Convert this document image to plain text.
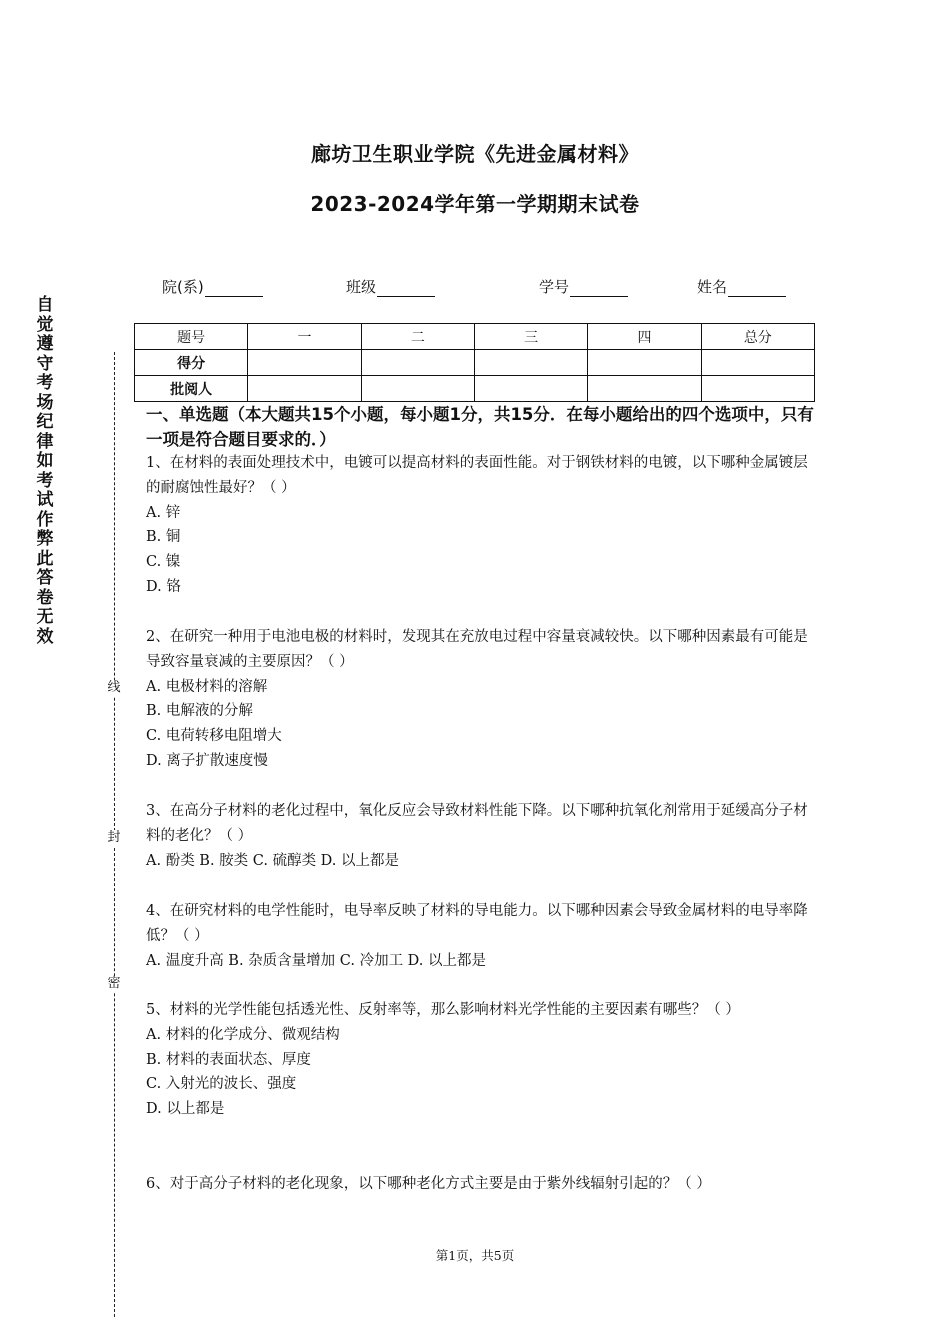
廊坊卫生职业学院《先进金属材料》
2023-2024学年第一学期期末试卷
院(系)	班级	学号	姓名
题号	一	二	三	四	总分
得分					
批阅人					
自觉遵守考场纪律如考试作弊此答卷无效
线
封
密
一、单选题（本大题共15个小题，每小题1分，共15分．在每小题给出的四个选项中，只有一项是符合题目要求的．）
1、在材料的表面处理技术中，电镀可以提高材料的表面性能。对于钢铁材料的电镀，以下哪种金属镀层的耐腐蚀性最好？（ ）
A. 锌
B. 铜
C. 镍
D. 铬
2、在研究一种用于电池电极的材料时，发现其在充放电过程中容量衰减较快。以下哪种因素最有可能是导致容量衰减的主要原因？（ ）
A. 电极材料的溶解
B. 电解液的分解
C. 电荷转移电阻增大
D. 离子扩散速度慢
3、在高分子材料的老化过程中，氧化反应会导致材料性能下降。以下哪种抗氧化剂常用于延缓高分子材料的老化？（ ）
A. 酚类 B. 胺类 C. 硫醇类 D. 以上都是
4、在研究材料的电学性能时，电导率反映了材料的导电能力。以下哪种因素会导致金属材料的电导率降低？（ ）
A. 温度升高 B. 杂质含量增加 C. 冷加工 D. 以上都是
5、材料的光学性能包括透光性、反射率等，那么影响材料光学性能的主要因素有哪些？（ ）
A. 材料的化学成分、微观结构
B. 材料的表面状态、厚度
C. 入射光的波长、强度
D. 以上都是
6、对于高分子材料的老化现象，以下哪种老化方式主要是由于紫外线辐射引起的？（ ）
第1页，共5页
